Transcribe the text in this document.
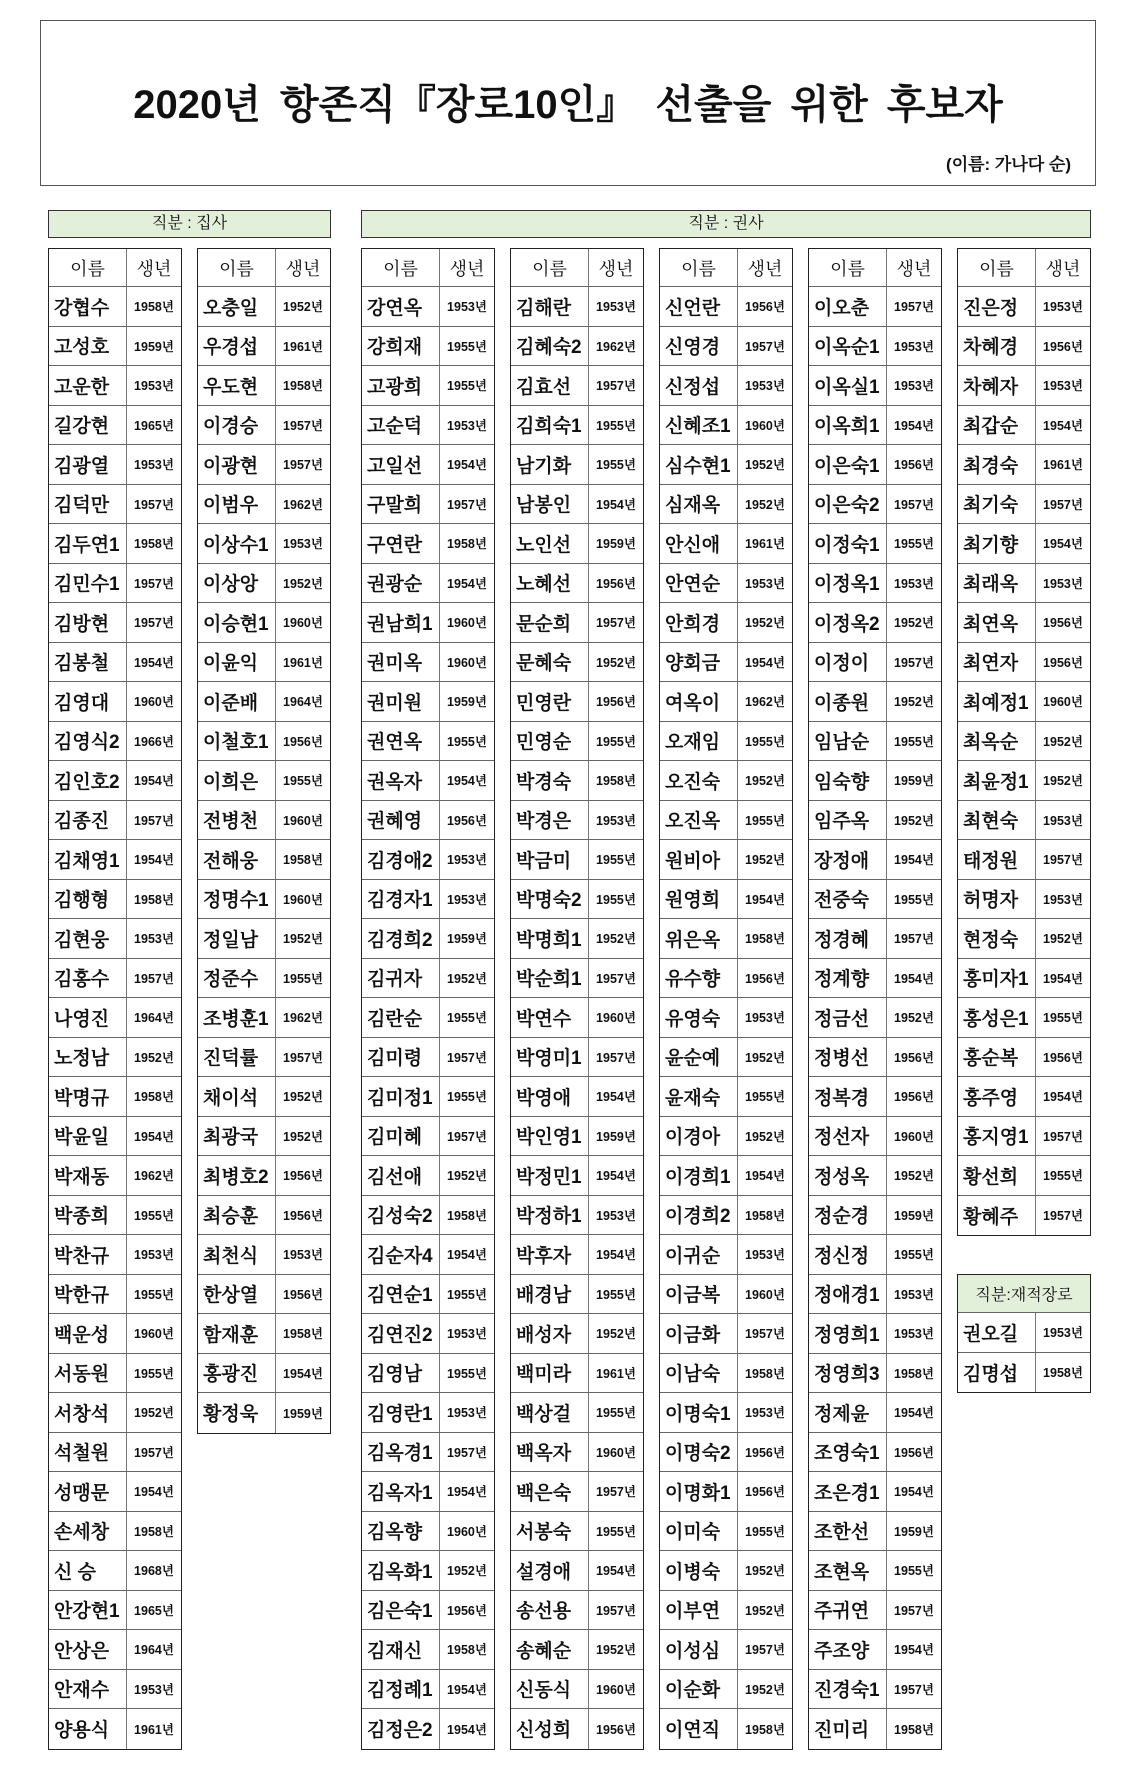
2020년 항존직『장로10인』 선출을 위한 후보자
(이름: 가나다 순)
직분 : 집사	직분 : 권사
이름	생년
강협수	1958년
고성호	1959년
고운한	1953년
길강현	1965년
김광열	1953년
김덕만	1957년
김두연1	1958년
김민수1	1957년
김방현	1957년
김봉철	1954년
김영대	1960년
김영식2	1966년
김인호2	1954년
김종진	1957년
김채영1	1954년
김행형	1958년
김현웅	1953년
김홍수	1957년
나영진	1964년
노정남	1952년
박명규	1958년
박윤일	1954년
박재동	1962년
박종희	1955년
박찬규	1953년
박한규	1955년
백운성	1960년
서동원	1955년
서창석	1952년
석철원	1957년
성맹문	1954년
손세창	1958년
신 승	1968년
안강현1	1965년
안상은	1964년
안재수	1953년
양용식	1961년
이름	생년
오충일	1952년
우경섭	1961년
우도현	1958년
이경승	1957년
이광현	1957년
이범우	1962년
이상수1	1953년
이상앙	1952년
이승현1	1960년
이윤익	1961년
이준배	1964년
이철호1	1956년
이희은	1955년
전병천	1960년
전해웅	1958년
정명수1	1960년
정일남	1952년
정준수	1955년
조병훈1	1962년
진덕률	1957년
채이석	1952년
최광국	1952년
최병호2	1956년
최승훈	1956년
최천식	1953년
한상열	1956년
함재훈	1958년
홍광진	1954년
황정욱	1959년
이름	생년
강연옥	1953년
강희재	1955년
고광희	1955년
고순덕	1953년
고일선	1954년
구말희	1957년
구연란	1958년
권광순	1954년
권남희1	1960년
권미옥	1960년
권미원	1959년
권연옥	1955년
권옥자	1954년
권혜영	1956년
김경애2	1953년
김경자1	1953년
김경희2	1959년
김귀자	1952년
김란순	1955년
김미령	1957년
김미정1	1955년
김미혜	1957년
김선애	1952년
김성숙2	1958년
김순자4	1954년
김연순1	1955년
김연진2	1953년
김영남	1955년
김영란1	1953년
김옥경1	1957년
김옥자1	1954년
김옥향	1960년
김옥화1	1952년
김은숙1	1956년
김재신	1958년
김정례1	1954년
김정은2	1954년
이름	생년
김해란	1953년
김혜숙2	1962년
김효선	1957년
김희숙1	1955년
남기화	1955년
남봉인	1954년
노인선	1959년
노혜선	1956년
문순희	1957년
문혜숙	1952년
민영란	1956년
민영순	1955년
박경숙	1958년
박경은	1953년
박금미	1955년
박명숙2	1955년
박명희1	1952년
박순희1	1957년
박연수	1960년
박영미1	1957년
박영애	1954년
박인영1	1959년
박정민1	1954년
박정하1	1953년
박후자	1954년
배경남	1955년
배성자	1952년
백미라	1961년
백상걸	1955년
백옥자	1960년
백은숙	1957년
서봉숙	1955년
설경애	1954년
송선용	1957년
송혜순	1952년
신동식	1960년
신성희	1956년
이름	생년
신언란	1956년
신영경	1957년
신정섭	1953년
신혜조1	1960년
심수현1	1952년
심재옥	1952년
안신애	1961년
안연순	1953년
안희경	1952년
양회금	1954년
여옥이	1962년
오재임	1955년
오진숙	1952년
오진옥	1955년
원비아	1952년
원영희	1954년
위은옥	1958년
유수향	1956년
유영숙	1953년
윤순예	1952년
윤재숙	1955년
이경아	1952년
이경희1	1954년
이경희2	1958년
이귀순	1953년
이금복	1960년
이금화	1957년
이남숙	1958년
이명숙1	1953년
이명숙2	1956년
이명화1	1956년
이미숙	1955년
이병숙	1952년
이부연	1952년
이성심	1957년
이순화	1952년
이연직	1958년
이름	생년
이오춘	1957년
이옥순1	1953년
이옥실1	1953년
이옥희1	1954년
이은숙1	1956년
이은숙2	1957년
이정숙1	1955년
이정옥1	1953년
이정옥2	1952년
이정이	1957년
이종원	1952년
임남순	1955년
임숙향	1959년
임주옥	1952년
장정애	1954년
전중숙	1955년
정경혜	1957년
정계향	1954년
정금선	1952년
정병선	1956년
정복경	1956년
정선자	1960년
정성옥	1952년
정순경	1959년
정신정	1955년
정애경1	1953년
정영희1	1953년
정영희3	1958년
정제윤	1954년
조영숙1	1956년
조은경1	1954년
조한선	1959년
조현옥	1955년
주귀연	1957년
주조양	1954년
진경숙1	1957년
진미리	1958년
이름	생년
진은정	1953년
차혜경	1956년
차혜자	1953년
최갑순	1954년
최경숙	1961년
최기숙	1957년
최기향	1954년
최래옥	1953년
최연옥	1956년
최연자	1956년
최예정1	1960년
최옥순	1952년
최윤정1	1952년
최현숙	1953년
태정원	1957년
허명자	1953년
현정숙	1952년
홍미자1	1954년
홍성은1	1955년
홍순복	1956년
홍주영	1954년
홍지영1	1957년
황선희	1955년
황혜주	1957년
직분:재적장로
권오길	1953년
김명섭	1958년
